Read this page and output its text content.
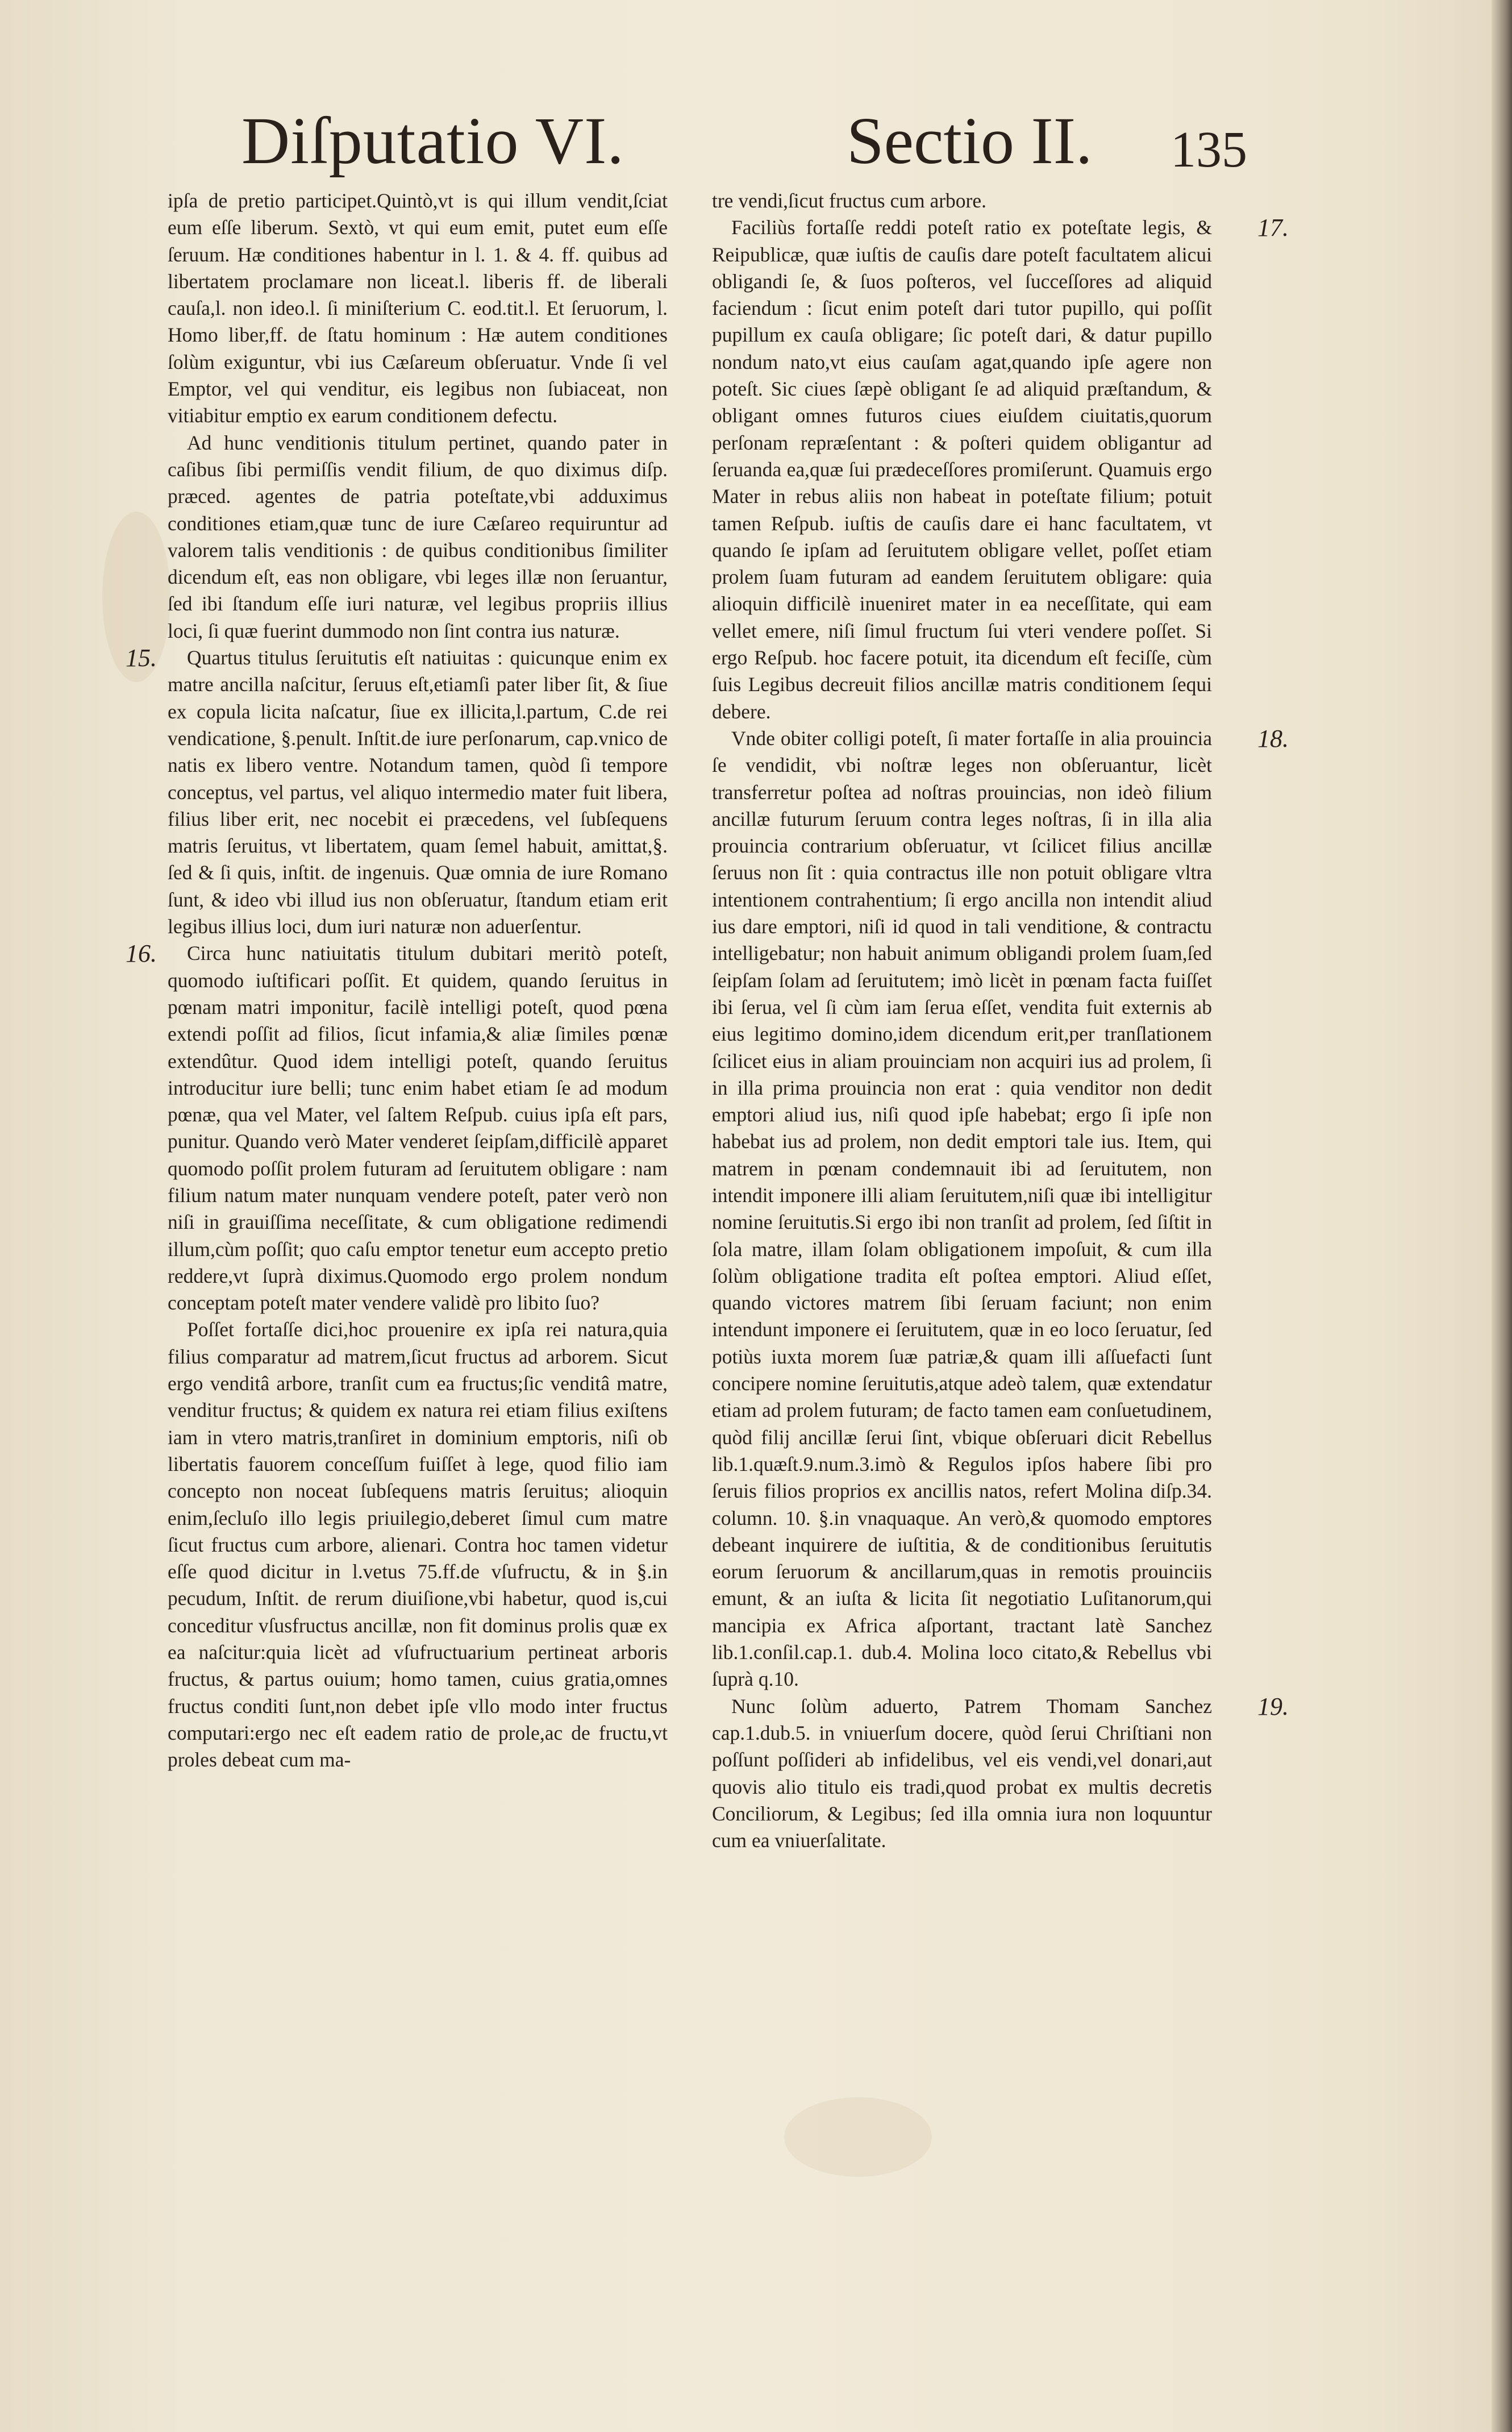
Diſputatio VI.	Sectio II.	135

ipſa de pretio participet.Quintò,vt is qui illum vendit,ſciat eum eſſe liberum. Sextò, vt qui eum emit, putet eum eſſe ſeruum. Hæ conditiones habentur in l. 1. & 4. ff. quibus ad libertatem proclamare non liceat.l. liberis ff. de liberali cauſa,l. non ideo.l. ſi miniſterium C. eod.tit.l. Et ſeruorum, l. Homo liber,ff. de ſtatu hominum : Hæ autem conditiones ſolùm exiguntur, vbi ius Cæſareum obſeruatur. Vnde ſi vel Emptor, vel qui venditur, eis legibus non ſubiaceat, non vitiabitur emptio ex earum conditionem defectu.

Ad hunc venditionis titulum pertinet, quando pater in caſibus ſibi permiſſis vendit filium, de quo diximus diſp. præced. agentes de patria poteſtate,vbi adduximus conditiones etiam,quæ tunc de iure Cæſareo requiruntur ad valorem talis venditionis : de quibus conditionibus ſimiliter dicendum eſt, eas non obligare, vbi leges illæ non ſeruantur, ſed ibi ſtandum eſſe iuri naturæ, vel legibus propriis illius loci, ſi quæ fuerint dummodo non ſint contra ius naturæ.

15. Quartus titulus ſeruitutis eſt natiuitas : quicunque enim ex matre ancilla naſcitur, ſeruus eſt,etiamſi pater liber ſit, & ſiue ex copula licita naſcatur, ſiue ex illicita,l.partum, C.de rei vendicatione, §.penult. Inſtit.de iure perſonarum, cap.vnico de natis ex libero ventre. Notandum tamen, quòd ſi tempore conceptus, vel partus, vel aliquo intermedio mater fuit libera, filius liber erit, nec nocebit ei præcedens, vel ſubſequens matris ſeruitus, vt libertatem, quam ſemel habuit, amittat,§. ſed & ſi quis, inſtit. de ingenuis. Quæ omnia de iure Romano ſunt, & ideo vbi illud ius non obſeruatur, ſtandum etiam erit legibus illius loci, dum iuri naturæ non aduerſentur.

16. Circa hunc natiuitatis titulum dubitari meritò poteſt, quomodo iuſtificari poſſit. Et quidem, quando ſeruitus in pœnam matri imponitur, facilè intelligi poteſt, quod pœna extendi poſſit ad filios, ſicut infamia,& aliæ ſimiles pœnæ extendûtur. Quod idem intelligi poteſt, quando ſeruitus introducitur iure belli; tunc enim habet etiam ſe ad modum pœnæ, qua vel Mater, vel ſaltem Reſpub. cuius ipſa eſt pars, punitur. Quando verò Mater venderet ſeipſam,difficilè apparet quomodo poſſit prolem futuram ad ſeruitutem obligare : nam filium natum mater nunquam vendere poteſt, pater verò non niſi in grauiſſima neceſſitate, & cum obligatione redimendi illum,cùm poſſit; quo caſu emptor tenetur eum accepto pretio reddere,vt ſuprà diximus.Quomodo ergo prolem nondum conceptam poteſt mater vendere validè pro libito ſuo?

Poſſet fortaſſe dici,hoc prouenire ex ipſa rei natura,quia filius comparatur ad matrem,ſicut fructus ad arborem. Sicut ergo venditâ arbore, tranſit cum ea fructus;ſic venditâ matre, venditur fructus; & quidem ex natura rei etiam filius exiſtens iam in vtero matris,tranſiret in dominium emptoris, niſi ob libertatis fauorem conceſſum fuiſſet à lege, quod filio iam concepto non noceat ſubſequens matris ſeruitus; alioquin enim,ſecluſo illo legis priuilegio,deberet ſimul cum matre ſicut fructus cum arbore, alienari. Contra hoc tamen videtur eſſe quod dicitur in l.vetus 75.ff.de vſufructu, & in §.in pecudum, Inſtit. de rerum diuiſione,vbi habetur, quod is,cui conceditur vſusfructus ancillæ, non fit dominus prolis quæ ex ea naſcitur:quia licèt ad vſufructuarium pertineat arboris fructus, & partus ouium; homo tamen, cuius gratia,omnes fructus conditi ſunt,non debet ipſe vllo modo inter fructus computari:ergo nec eſt eadem ratio de prole,ac de fructu,vt proles debeat cum ma-

tre vendi,ſicut fructus cum arbore.

17.
Faciliùs fortaſſe reddi poteſt ratio ex poteſtate legis, & Reipublicæ, quæ iuſtis de cauſis dare poteſt facultatem alicui obligandi ſe, & ſuos poſteros, vel ſucceſſores ad aliquid faciendum : ſicut enim poteſt dari tutor pupillo, qui poſſit pupillum ex cauſa obligare; ſic poteſt dari, & datur pupillo nondum nato,vt eius cauſam agat,quando ipſe agere non poteſt. Sic ciues ſæpè obligant ſe ad aliquid præſtandum, & obligant omnes futuros ciues eiuſdem ciuitatis,quorum perſonam repræſentant : & poſteri quidem obligantur ad ſeruanda ea,quæ ſui prædeceſſores promiſerunt. Quamuis ergo Mater in rebus aliis non habeat in poteſtate filium; potuit tamen Reſpub. iuſtis de cauſis dare ei hanc facultatem, vt quando ſe ipſam ad ſeruitutem obligare vellet, poſſet etiam prolem ſuam futuram ad eandem ſeruitutem obligare: quia alioquin difficilè inueniret mater in ea neceſſitate, qui eam vellet emere, niſi ſimul fructum ſui vteri vendere poſſet. Si ergo Reſpub. hoc facere potuit, ita dicendum eſt feciſſe, cùm ſuis Legibus decreuit filios ancillæ matris conditionem ſequi debere.

18.
Vnde obiter colligi poteſt, ſi mater fortaſſe in alia prouincia ſe vendidit, vbi noſtræ leges non obſeruantur, licèt transferretur poſtea ad noſtras prouincias, non ideò filium ancillæ futurum ſeruum contra leges noſtras, ſi in illa alia prouincia contrarium obſeruatur, vt ſcilicet filius ancillæ ſeruus non ſit : quia contractus ille non potuit obligare vltra intentionem contrahentium; ſi ergo ancilla non intendit aliud ius dare emptori, niſi id quod in tali venditione, & contractu intelligebatur; non habuit animum obligandi prolem ſuam,ſed ſeipſam ſolam ad ſeruitutem; imò licèt in pœnam facta fuiſſet ibi ſerua, vel ſi cùm iam ſerua eſſet, vendita fuit externis ab eius legitimo domino,idem dicendum erit,per tranſlationem ſcilicet eius in aliam prouinciam non acquiri ius ad prolem, ſi in illa prima prouincia non erat : quia venditor non dedit emptori aliud ius, niſi quod ipſe habebat; ergo ſi ipſe non habebat ius ad prolem, non dedit emptori tale ius. Item, qui matrem in pœnam condemnauit ibi ad ſeruitutem, non intendit imponere illi aliam ſeruitutem,niſi quæ ibi intelligitur nomine ſeruitutis.Si ergo ibi non tranſit ad prolem, ſed ſiſtit in ſola matre, illam ſolam obligationem impoſuit, & cum illa ſolùm obligatione tradita eſt poſtea emptori. Aliud eſſet, quando victores matrem ſibi ſeruam faciunt; non enim intendunt imponere ei ſeruitutem, quæ in eo loco ſeruatur, ſed potiùs iuxta morem ſuæ patriæ,& quam illi aſſuefacti ſunt concipere nomine ſeruitutis,atque adeò talem, quæ extendatur etiam ad prolem futuram; de facto tamen eam conſuetudinem, quòd filij ancillæ ſerui ſint, vbique obſeruari dicit Rebellus lib.1.quæſt.9.num.3.imò & Regulos ipſos habere ſibi pro ſeruis filios proprios ex ancillis natos, refert Molina diſp.34. column. 10. §.in vnaquaque. An verò,& quomodo emptores debeant inquirere de iuſtitia, & de conditionibus ſeruitutis eorum ſeruorum & ancillarum,quas in remotis prouinciis emunt, & an iuſta & licita ſit negotiatio Luſitanorum,qui mancipia ex Africa aſportant, tractant latè Sanchez lib.1.conſil.cap.1. dub.4. Molina loco citato,& Rebellus vbi ſuprà q.10.

19.
Nunc ſolùm aduerto, Patrem Thomam Sanchez cap.1.dub.5. in vniuerſum docere, quòd ſerui Chriſtiani non poſſunt poſſideri ab infidelibus, vel eis vendi,vel donari,aut quovis alio titulo eis tradi,quod probat ex multis decretis Conciliorum, & Legibus; ſed illa omnia iura non loquuntur cum ea vniuerſalitate.
